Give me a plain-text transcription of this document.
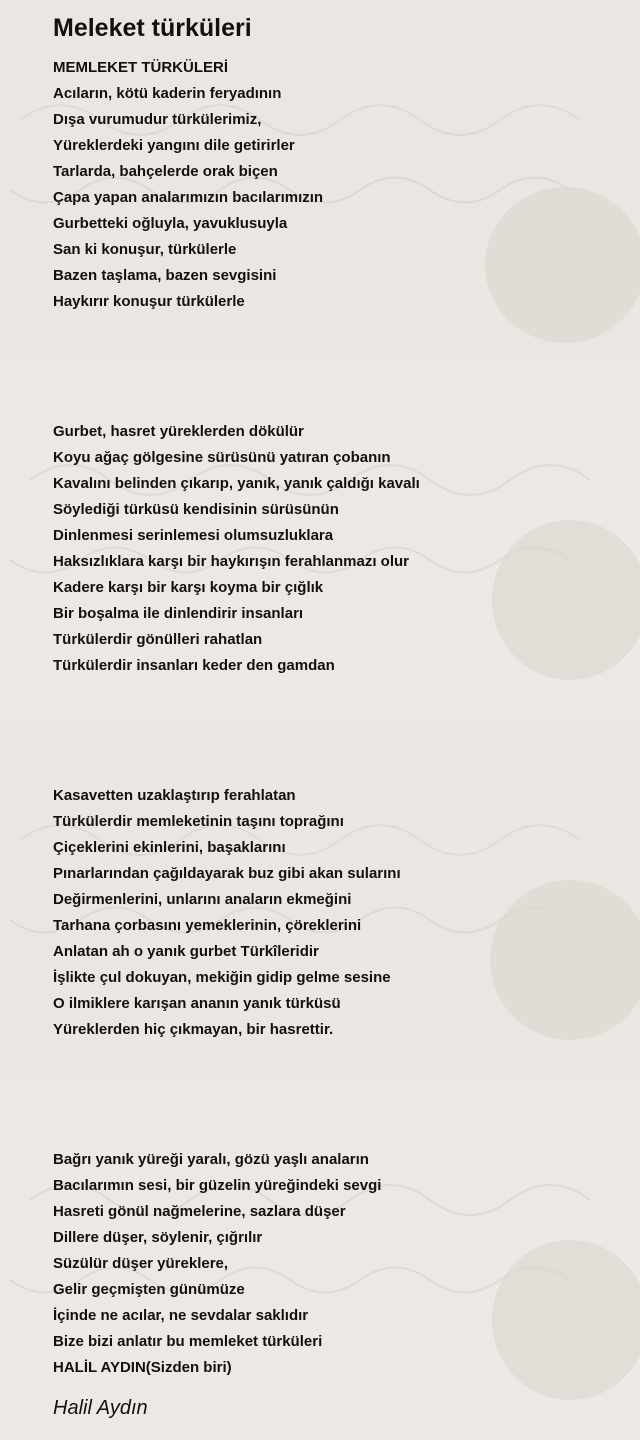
Meleket türküleri
MEMLEKET TÜRKÜLERİ
Acıların, kötü kaderin feryadının
Dışa vurumudur türkülerimiz,
Yüreklerdeki yangını dile getirirler
Tarlarda, bahçelerde orak biçen
Çapa yapan analarımızın bacılarımızın
Gurbetteki oğluyla, yavuklusuyla
San ki konuşur, türkülerle
Bazen taşlama, bazen sevgisini
Haykırır konuşur türkülerle
Gurbet, hasret yüreklerden dökülür
Koyu ağaç gölgesine sürüsünü yatıran çobanın
Kavalını belinden çıkarıp, yanık, yanık çaldığı kavalı
Söylediği türküsü kendisinin sürüsünün
Dinlenmesi serinlemesi olumsuzluklara
Haksızlıklara karşı bir haykırışın ferahlanmazı olur
Kadere karşı bir karşı koyma bir çığlık
Bir boşalma ile dinlendirir insanları
Türkülerdir gönülleri rahatlan
Türkülerdir insanları keder den gamdan
Kasavetten uzaklaştırıp ferahlatan
Türkülerdir memleketinin taşını toprağını
Çiçeklerini ekinlerini, başaklarını
Pınarlarından çağıldayarak buz gibi akan sularını
Değirmenlerini, unlarını anaların ekmeğini
Tarhana çorbasını yemeklerinin, çöreklerini
Anlatan ah o yanık gurbet Türkîleridir
İşlikte çul dokuyan, mekiğin gidip gelme sesine
O ilmiklere karışan ananın yanık türküsü
Yüreklerden hiç çıkmayan, bir hasrettir.
Bağrı yanık yüreği yaralı, gözü yaşlı anaların
Bacılarımın sesi, bir güzelin yüreğindeki sevgi
Hasreti gönül nağmelerine, sazlara düşer
Dillere düşer, söylenir, çığrılır
Süzülür düşer yüreklere,
Gelir geçmişten günümüze
İçinde ne acılar, ne sevdalar saklıdır
Bize bizi anlatır bu memleket türküleri
HALİL AYDIN(Sizden biri)
Halil Aydın
